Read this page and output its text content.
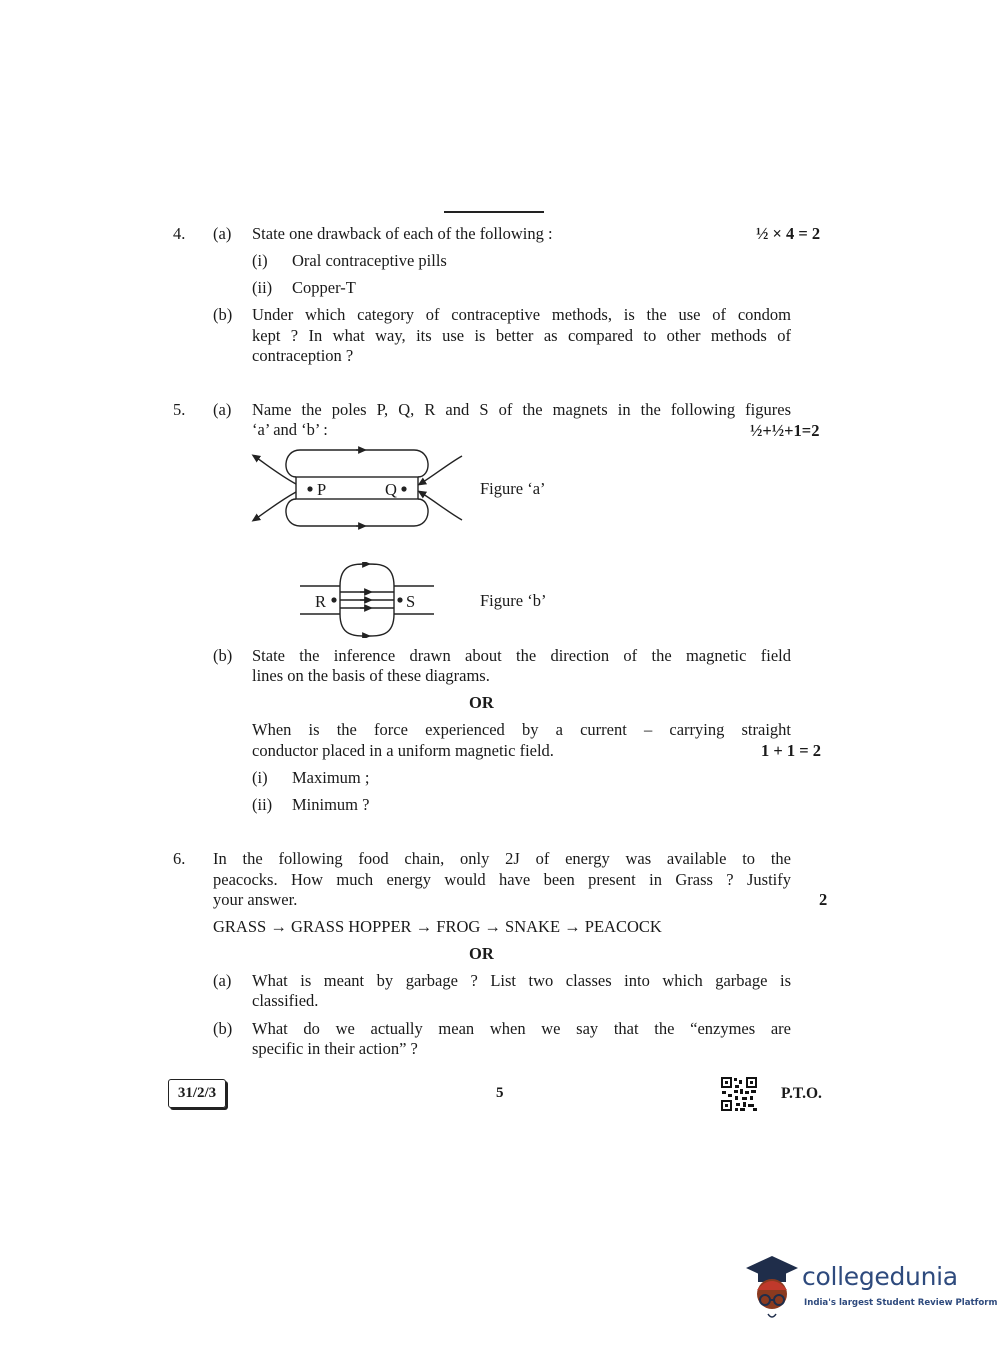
4. (a) State one drawback of each of the following :	½ × 4 = 2
(i) Oral contraceptive pills
(ii) Copper-T
(b) Under which category of contraceptive methods, is the use of condom
kept ? In what way, its use is better as compared to other methods of
contraception ?
5. (a) Name the poles P, Q, R and S of the magnets in the following figures
‘a’ and ‘b’ :	½+½+1=2
P	Q	Figure ‘a’
R	S	Figure ‘b’
(b) State the inference drawn about the direction of the magnetic field
lines on the basis of these diagrams.
OR
When is the force experienced by a current – carrying straight
conductor placed in a uniform magnetic field.	1 + 1 = 2
(i) Maximum ;
(ii) Minimum ?
6. In the following food chain, only 2J of energy was available to the
peacocks. How much energy would have been present in Grass ? Justify
your answer.	2
GRASS → GRASS HOPPER → FROG → SNAKE → PEACOCK
OR
(a) What is meant by garbage ? List two classes into which garbage is
classified.
(b) What do we actually mean when we say that the “enzymes are
specific in their action” ?
31/2/3	5	P.T.O.
collegedunia
India's largest Student Review Platform
